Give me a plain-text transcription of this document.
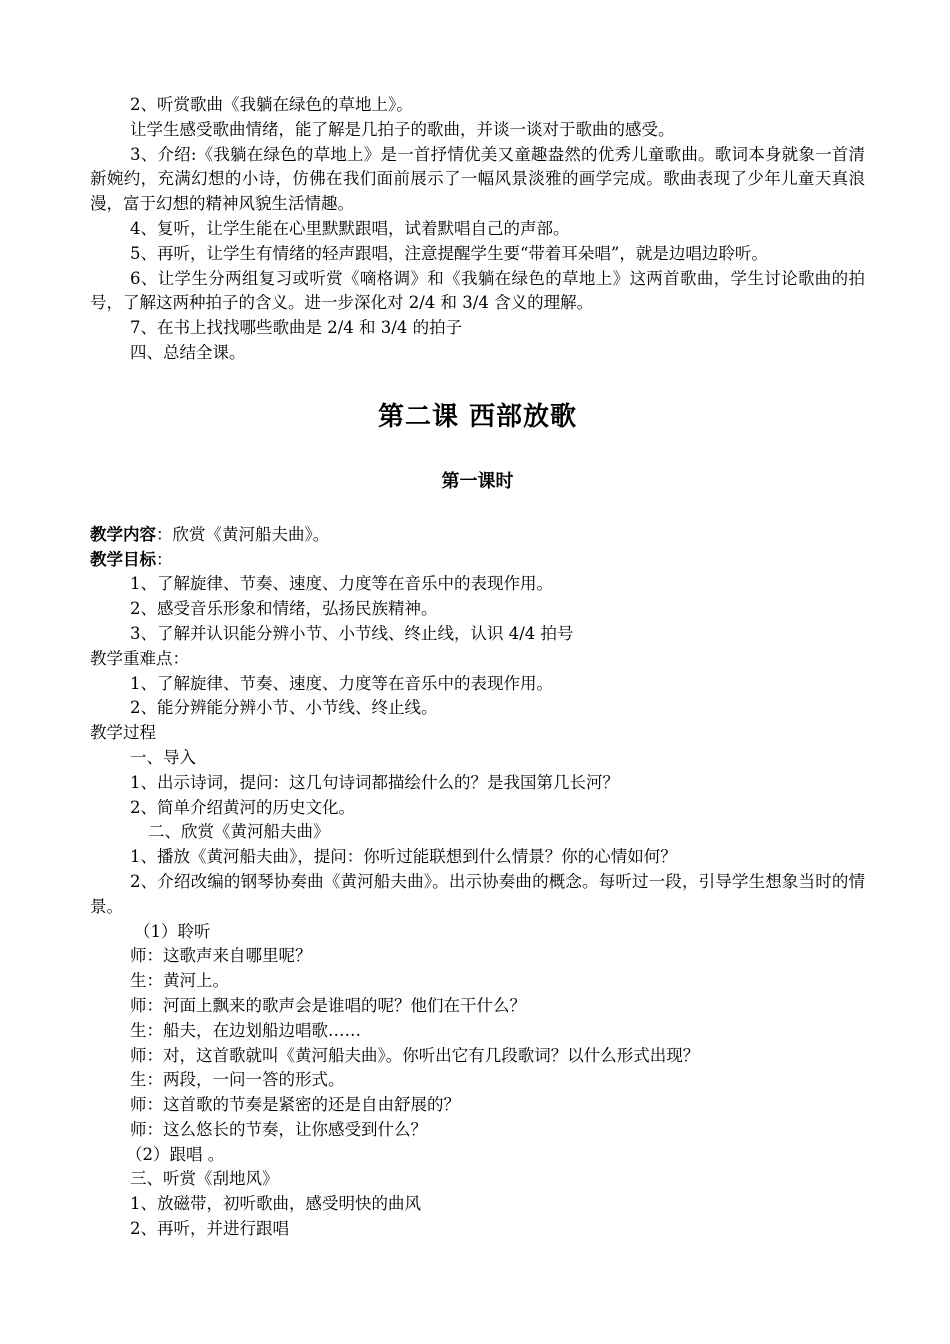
2、听赏歌曲《我躺在绿色的草地上》。
让学生感受歌曲情绪，能了解是几拍子的歌曲，并谈一谈对于歌曲的感受。
3、介绍:《我躺在绿色的草地上》是一首抒情优美又童趣盎然的优秀儿童歌曲。歌词本身就象一首清新婉约，充满幻想的小诗，仿佛在我们面前展示了一幅风景淡雅的画学完成。歌曲表现了少年儿童天真浪漫，富于幻想的精神风貌生活情趣。
4、复听，让学生能在心里默默跟唱，试着默唱自己的声部。
5、再听，让学生有情绪的轻声跟唱，注意提醒学生要“带着耳朵唱”，就是边唱边聆听。
6、让学生分两组复习或听赏《嘀格调》和《我躺在绿色的草地上》这两首歌曲，学生讨论歌曲的拍号，了解这两种拍子的含义。进一步深化对 2/4 和 3/4 含义的理解。
7、在书上找找哪些歌曲是 2/4 和 3/4 的拍子
四、总结全课。
第二课 西部放歌
第一课时
教学内容：欣赏《黄河船夫曲》。
教学目标：
1、了解旋律、节奏、速度、力度等在音乐中的表现作用。
2、感受音乐形象和情绪，弘扬民族精神。
3、了解并认识能分辨小节、小节线、终止线，认识 4/4 拍号
教学重难点：
1、了解旋律、节奏、速度、力度等在音乐中的表现作用。
2、能分辨能分辨小节、小节线、终止线。
教学过程
一、导入
1、出示诗词，提问：这几句诗词都描绘什么的？是我国第几长河？
2、简单介绍黄河的历史文化。
二、欣赏《黄河船夫曲》
1、播放《黄河船夫曲》，提问：你听过能联想到什么情景？你的心情如何？
2、介绍改编的钢琴协奏曲《黄河船夫曲》。出示协奏曲的概念。每听过一段，引导学生想象当时的情景。
（1）聆听
师：这歌声来自哪里呢？
生：黄河上。
师：河面上飘来的歌声会是谁唱的呢？他们在干什么？
生：船夫，在边划船边唱歌……
师：对，这首歌就叫《黄河船夫曲》。你听出它有几段歌词？以什么形式出现？
生：两段，一问一答的形式。
师：这首歌的节奏是紧密的还是自由舒展的？
师：这么悠长的节奏，让你感受到什么？
（2）跟唱 。
三、听赏《刮地风》
1、放磁带，初听歌曲，感受明快的曲风
2、再听，并进行跟唱
